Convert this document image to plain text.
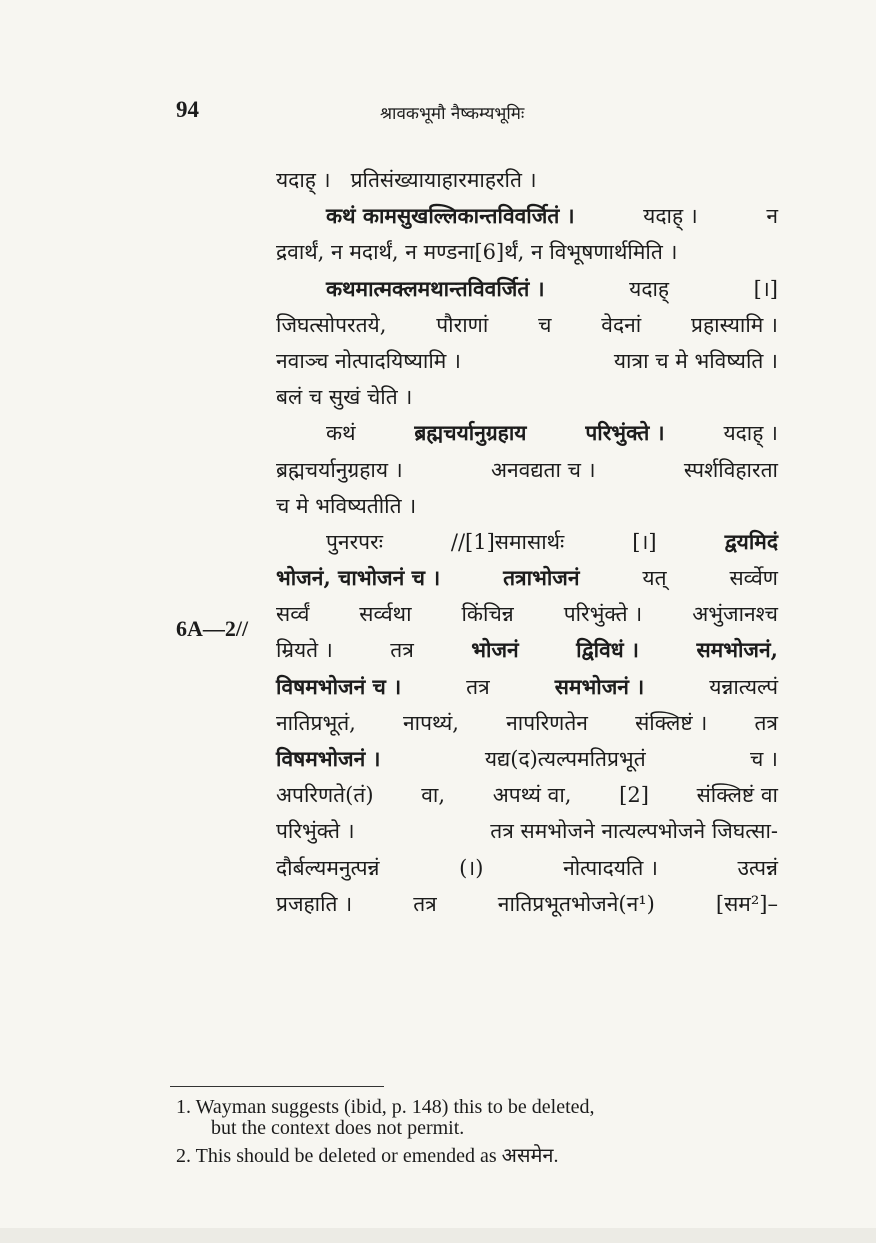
94	श्रावकभूमौ नैष्कम्यभूमिः
6A—2//
यदाह् । प्रतिसंख्यायाहारमाहरति ।
कथं कामसुखल्लिकान्तविवर्जितं ।	यदाह् ।	न
द्रवार्थं, न मदार्थं, न मण्डना[6]र्थं, न विभूषणार्थमिति ।
कथमात्मक्लमथान्तविवर्जितं ।	यदाह्	[।]
जिघत्सोपरतये, पौराणां च वेदनां प्रहास्यामि ।
नवाञ्च नोत्पादयिष्यामि ।	यात्रा च मे भविष्यति ।
बलं च सुखं चेति ।
कथं	ब्रह्मचर्यानुग्रहाय	परिभुंक्ते ।	यदाह् ।
ब्रह्मचर्यानुग्रहाय ।	अनवद्यता च ।	स्पर्शविहारता
च मे भविष्यतीति ।
पुनरपरः	//[1]समासार्थः	[।]	द्वयमिदं
भोजनं, चाभोजनं च ।	तत्राभोजनं	यत्	सर्व्वेण
सर्व्वं सर्व्वथा किंचिन्न परिभुंक्ते । अभुंजानश्च
म्रियते ।	तत्र	भोजनं	द्विविधं ।	समभोजनं,
विषमभोजनं च ।	तत्र	समभोजनं ।	यन्नात्यल्पं
नातिप्रभूतं, नापथ्यं, नापरिणतेन संक्लिष्टं । तत्र
विषमभोजनं ।	यद्य(द)त्यल्पमतिप्रभूतं	च ।
अपरिणते(तं) वा, अपथ्यं वा, [2] संक्लिष्टं वा
परिभुंक्ते ।	तत्र समभोजने नात्यल्पभोजने जिघत्सा-
दौर्बल्यमनुत्पन्नं	(।)	नोत्पादयति ।	उत्पन्नं
प्रजहाति ।	तत्र	नातिप्रभूतभोजने(न¹)	[सम²]–
1. Wayman suggests (ibid, p. 148) this to be deleted,
but the context does not permit.
2. This should be deleted or emended as असमेन.
